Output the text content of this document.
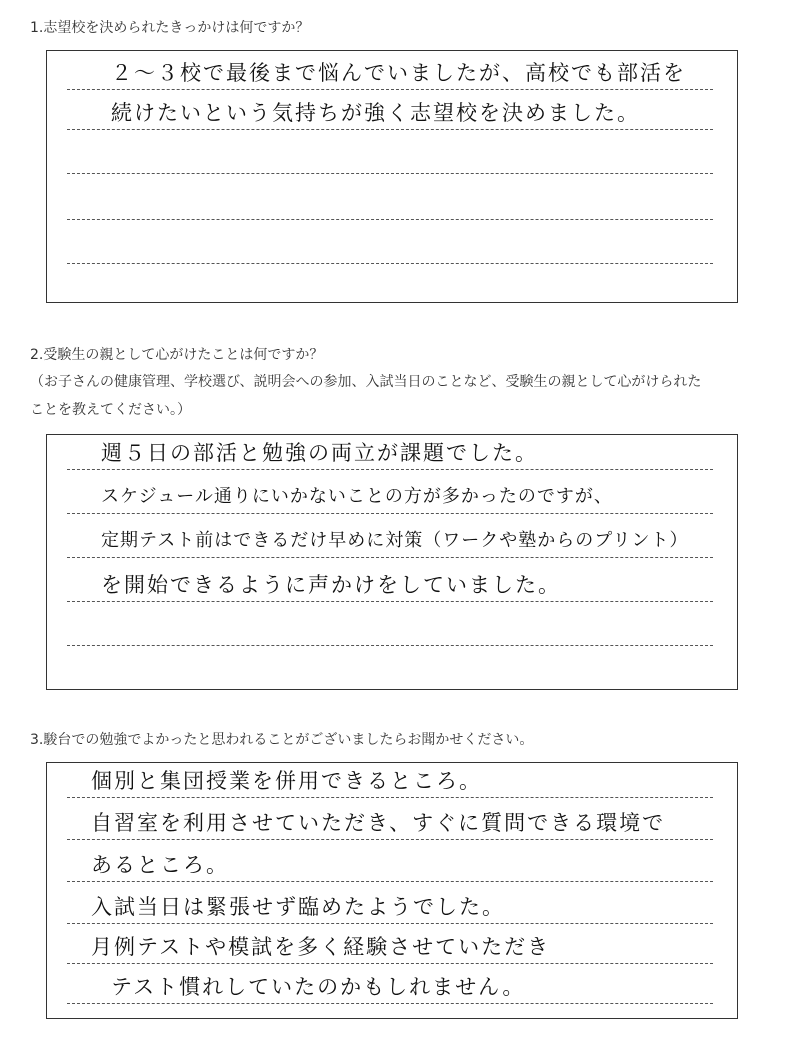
1.志望校を決められたきっかけは何ですか？
２～３校で最後まで悩んでいましたが、高校でも部活を
続けたいという気持ちが強く志望校を決めました。
2.受験生の親として心がけたことは何ですか？
（お子さんの健康管理、学校選び、説明会への参加、入試当日のことなど、受験生の親として心がけられた
ことを教えてください。）
週５日の部活と勉強の両立が課題でした。
スケジュール通りにいかないことの方が多かったのですが、
定期テスト前はできるだけ早めに対策（ワークや塾からのプリント）
を開始できるように声かけをしていました。
3.駿台での勉強でよかったと思われることがございましたらお聞かせください。
個別と集団授業を併用できるところ。
自習室を利用させていただき、すぐに質問できる環境で
あるところ。
入試当日は緊張せず臨めたようでした。
月例テストや模試を多く経験させていただき
テスト慣れしていたのかもしれません。
